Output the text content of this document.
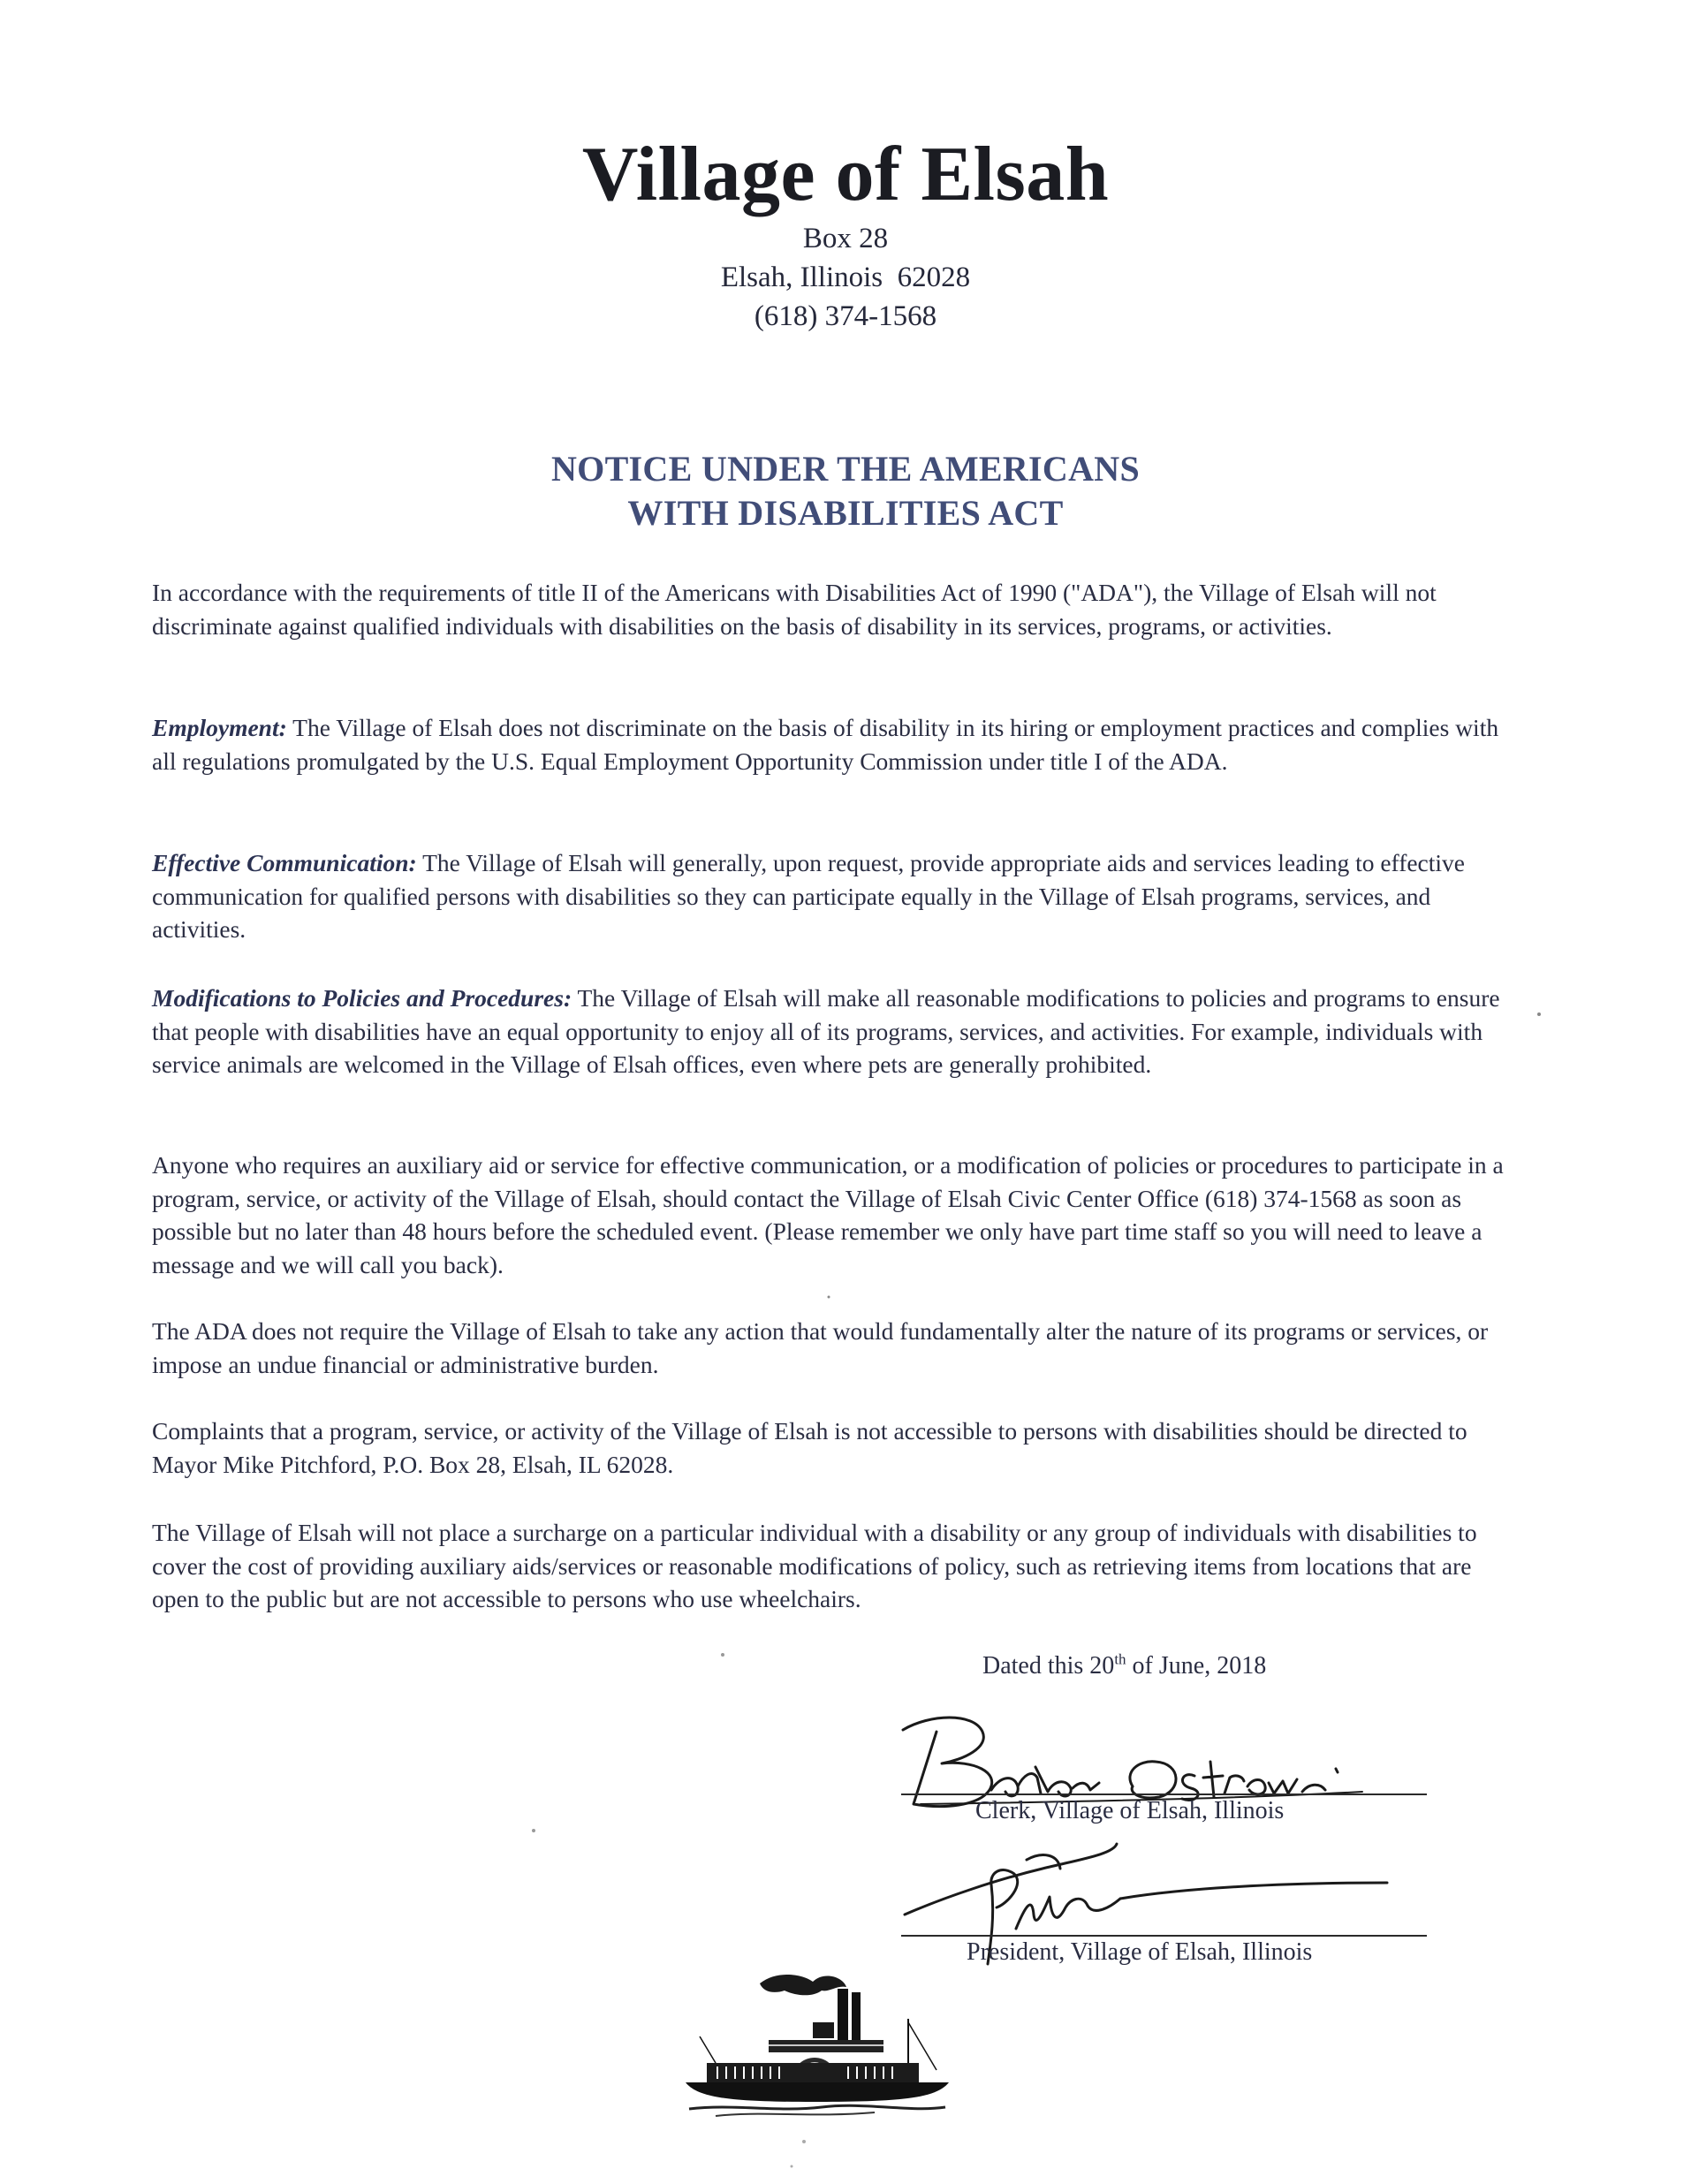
Village of Elsah
Box 28
Elsah, Illinois  62028
(618) 374-1568
NOTICE UNDER THE AMERICANS
WITH DISABILITIES ACT
In accordance with the requirements of title II of the Americans with Disabilities Act of 1990 ("ADA"), the Village of Elsah will not discriminate against qualified individuals with disabilities on the basis of disability in its services, programs, or activities.
Employment: The Village of Elsah does not discriminate on the basis of disability in its hiring or employment practices and complies with all regulations promulgated by the U.S. Equal Employment Opportunity Commission under title I of the ADA.
Effective Communication: The Village of Elsah will generally, upon request, provide appropriate aids and services leading to effective communication for qualified persons with disabilities so they can participate equally in the Village of Elsah programs, services, and activities.
Modifications to Policies and Procedures: The Village of Elsah will make all reasonable modifications to policies and programs to ensure that people with disabilities have an equal opportunity to enjoy all of its programs, services, and activities. For example, individuals with service animals are welcomed in the Village of Elsah offices, even where pets are generally prohibited.
Anyone who requires an auxiliary aid or service for effective communication, or a modification of policies or procedures to participate in a program, service, or activity of the Village of Elsah, should contact the Village of Elsah Civic Center Office (618) 374-1568 as soon as possible but no later than 48 hours before the scheduled event. (Please remember we only have part time staff so you will need to leave a message and we will call you back).
The ADA does not require the Village of Elsah to take any action that would fundamentally alter the nature of its programs or services, or impose an undue financial or administrative burden.
Complaints that a program, service, or activity of the Village of Elsah is not accessible to persons with disabilities should be directed to Mayor Mike Pitchford, P.O. Box 28, Elsah, IL 62028.
The Village of Elsah will not place a surcharge on a particular individual with a disability or any group of individuals with disabilities to cover the cost of providing auxiliary aids/services or reasonable modifications of policy, such as retrieving items from locations that are open to the public but are not accessible to persons who use wheelchairs.
Dated this 20th of June, 2018
Clerk, Village of Elsah, Illinois
President, Village of Elsah, Illinois
